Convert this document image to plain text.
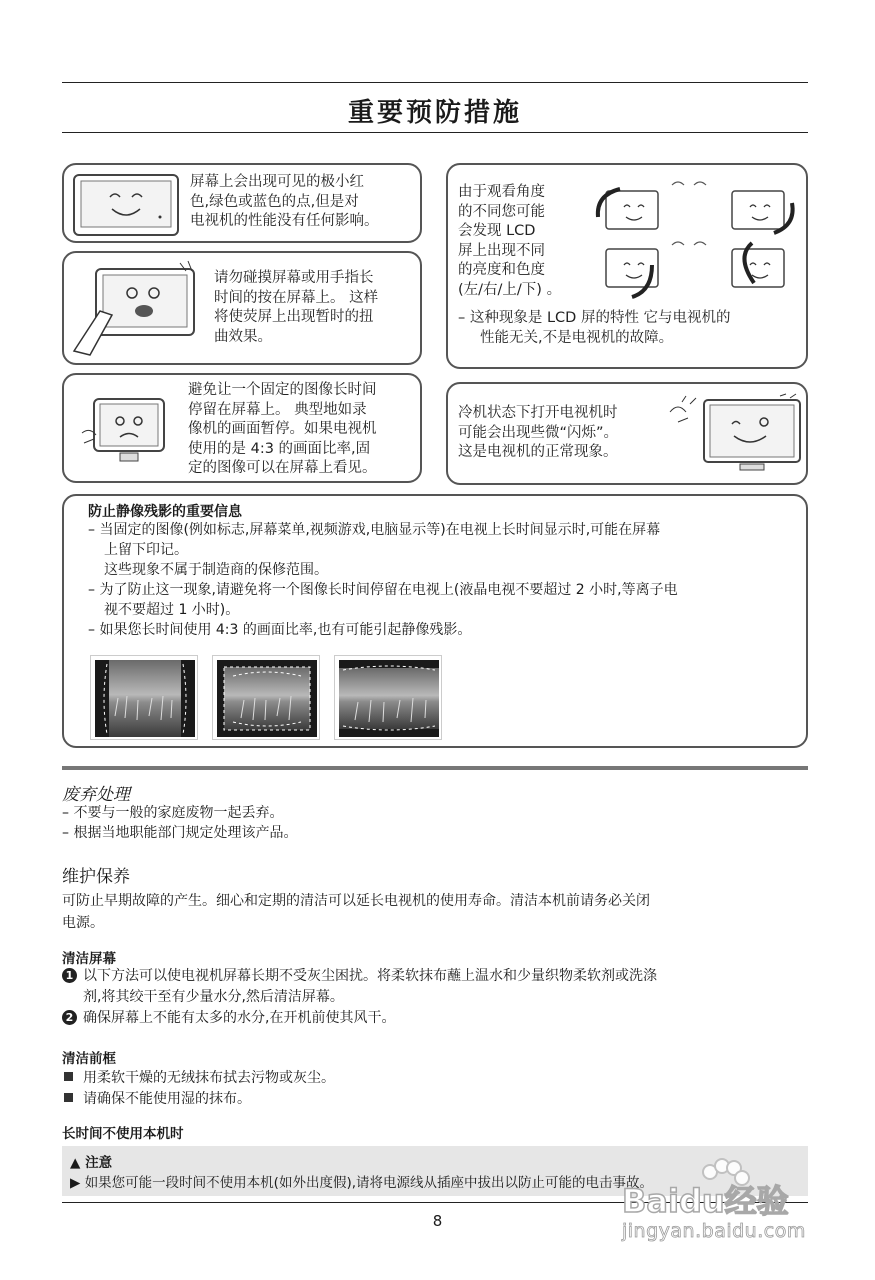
重要预防措施
屏幕上会出现可见的极小红
色,绿色或蓝色的点,但是对
电视机的性能没有任何影响。
请勿碰摸屏幕或用手指长
时间的按在屏幕上。 这样
将使荧屏上出现暂时的扭
曲效果。
避免让一个固定的图像长时间
停留在屏幕上。 典型地如录
像机的画面暂停。如果电视机
使用的是 4:3 的画面比率,固
定的图像可以在屏幕上看见。
由于观看角度
的不同您可能
会发现 LCD
屏上出现不同
的亮度和色度
(左/右/上/下) 。
– 这种现象是 LCD 屏的特性 它与电视机的
性能无关,不是电视机的故障。
冷机状态下打开电视机时
可能会出现些微“闪烁”。
这是电视机的正常现象。
防止静像残影的重要信息
– 当固定的图像(例如标志,屏幕菜单,视频游戏,电脑显示等)在电视上长时间显示时,可能在屏幕
上留下印记。
这些现象不属于制造商的保修范围。
– 为了防止这一现象,请避免将一个图像长时间停留在电视上(液晶电视不要超过 2 小时,等离子电
视不要超过 1 小时)。
– 如果您长时间使用 4:3 的画面比率,也有可能引起静像残影。
废弃处理
– 不要与一般的家庭废物一起丢弃。
– 根据当地职能部门规定处理该产品。
维护保养
可防止早期故障的产生。细心和定期的清洁可以延长电视机的使用寿命。清洁本机前请务必关闭
电源。
清洁屏幕
1 以下方法可以使电视机屏幕长期不受灰尘困扰。将柔软抹布蘸上温水和少量织物柔软剂或洗涤
剂,将其绞干至有少量水分,然后清洁屏幕。
2 确保屏幕上不能有太多的水分,在开机前使其风干。
清洁前框
用柔软干燥的无绒抹布拭去污物或灰尘。
请确保不能使用湿的抹布。
长时间不使用本机时
▲ 注意
▶ 如果您可能一段时间不使用本机(如外出度假),请将电源线从插座中拔出以防止可能的电击事故。
8
Baidu经验
jingyan.baidu.com
